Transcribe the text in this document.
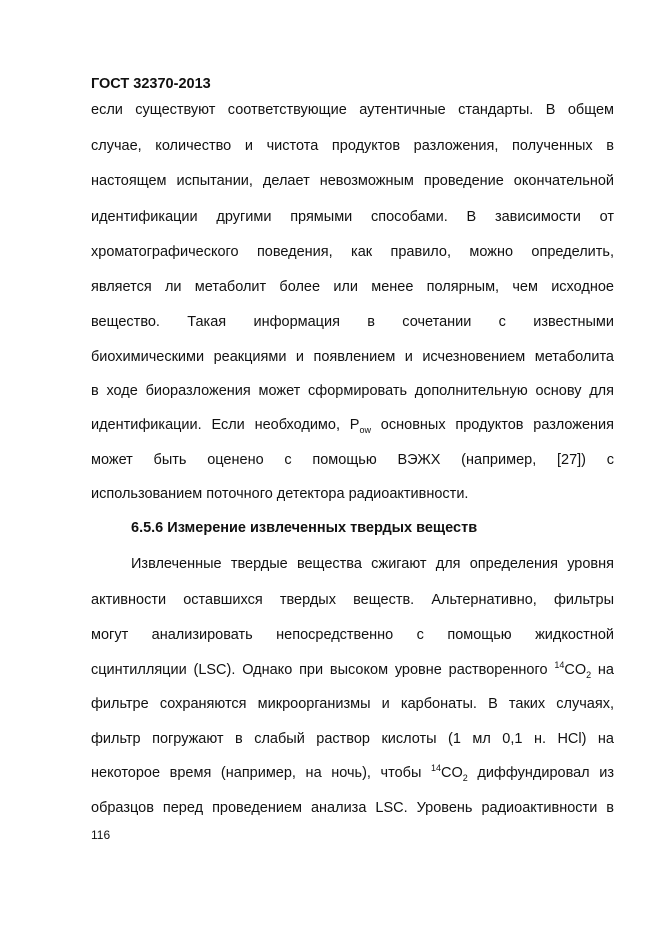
ГОСТ 32370-2013
если существуют соответствующие аутентичные стандарты. В общем
случае, количество и чистота продуктов разложения, полученных в
настоящем испытании, делает невозможным проведение окончательной
идентификации другими прямыми способами. В зависимости от
хроматографического поведения, как правило, можно определить,
является ли метаболит более или менее полярным, чем исходное
вещество. Такая информация в сочетании с известными
биохимическими реакциями и появлением и исчезновением метаболита
в ходе биоразложения может сформировать дополнительную основу для
идентификации. Если необходимо, $P_{ow}$ основных продуктов разложения
может быть оценено с помощью ВЭЖХ (например, [27]) с
использованием поточного детектора радиоактивности.
6.5.6 Измерение извлеченных твердых веществ
Извлеченные твердые вещества сжигают для определения уровня
активности оставшихся твердых веществ. Альтернативно, фильтры
могут анализировать непосредственно с помощью жидкостной
сцинтилляции (LSC). Однако при высоком уровне растворенного $^{14}CO_2$ на
фильтре сохраняются микроорганизмы и карбонаты. В таких случаях,
фильтр погружают в слабый раствор кислоты (1 мл 0,1 н. HCl) на
некоторое время (например, на ночь), чтобы $^{14}CO_2$ диффундировал из
образцов перед проведением анализа LSC. Уровень радиоактивности в
116
